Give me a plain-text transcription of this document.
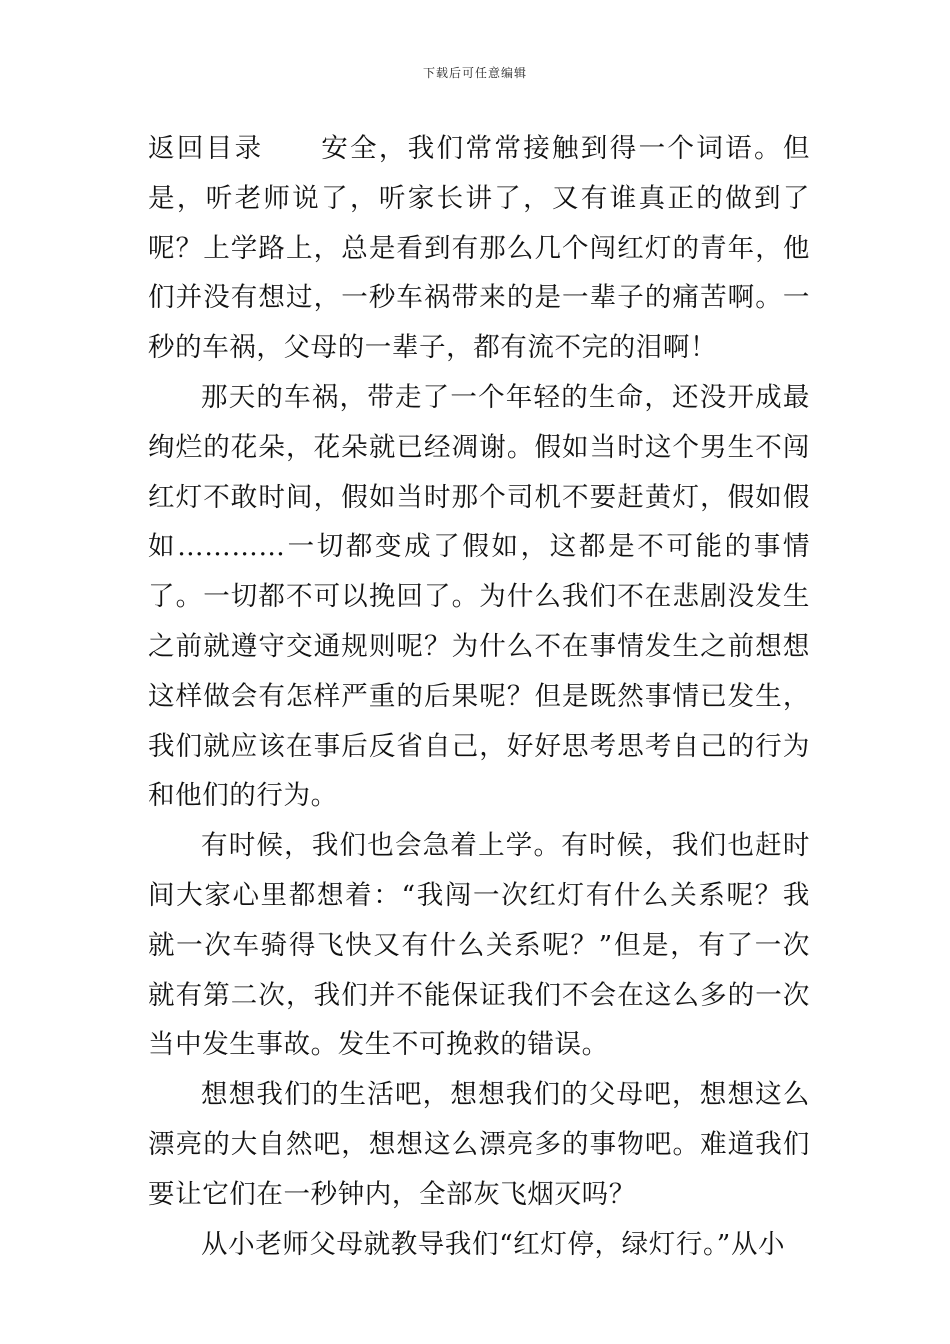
下载后可任意编辑

返回目录 安全，我们常常接触到得一个词语。但是，听老师说了，听家长讲了，又有谁真正的做到了呢？上学路上，总是看到有那么几个闯红灯的青年，他们并没有想过，一秒车祸带来的是一辈子的痛苦啊。一秒的车祸，父母的一辈子，都有流不完的泪啊！

那天的车祸，带走了一个年轻的生命，还没开成最绚烂的花朵，花朵就已经凋谢。假如当时这个男生不闯红灯不敢时间，假如当时那个司机不要赶黄灯，假如假如…………一切都变成了假如，这都是不可能的事情了。一切都不可以挽回了。为什么我们不在悲剧没发生之前就遵守交通规则呢？为什么不在事情发生之前想想这样做会有怎样严重的后果呢？但是既然事情已发生，我们就应该在事后反省自己，好好思考思考自己的行为和他们的行为。

有时候，我们也会急着上学。有时候，我们也赶时间大家心里都想着：“我闯一次红灯有什么关系呢？我就一次车骑得飞快又有什么关系呢？”但是，有了一次就有第二次，我们并不能保证我们不会在这么多的一次当中发生事故。发生不可挽救的错误。

想想我们的生活吧，想想我们的父母吧，想想这么漂亮的大自然吧，想想这么漂亮多的事物吧。难道我们要让它们在一秒钟内，全部灰飞烟灭吗？

从小老师父母就教导我们“红灯停，绿灯行。”从小
